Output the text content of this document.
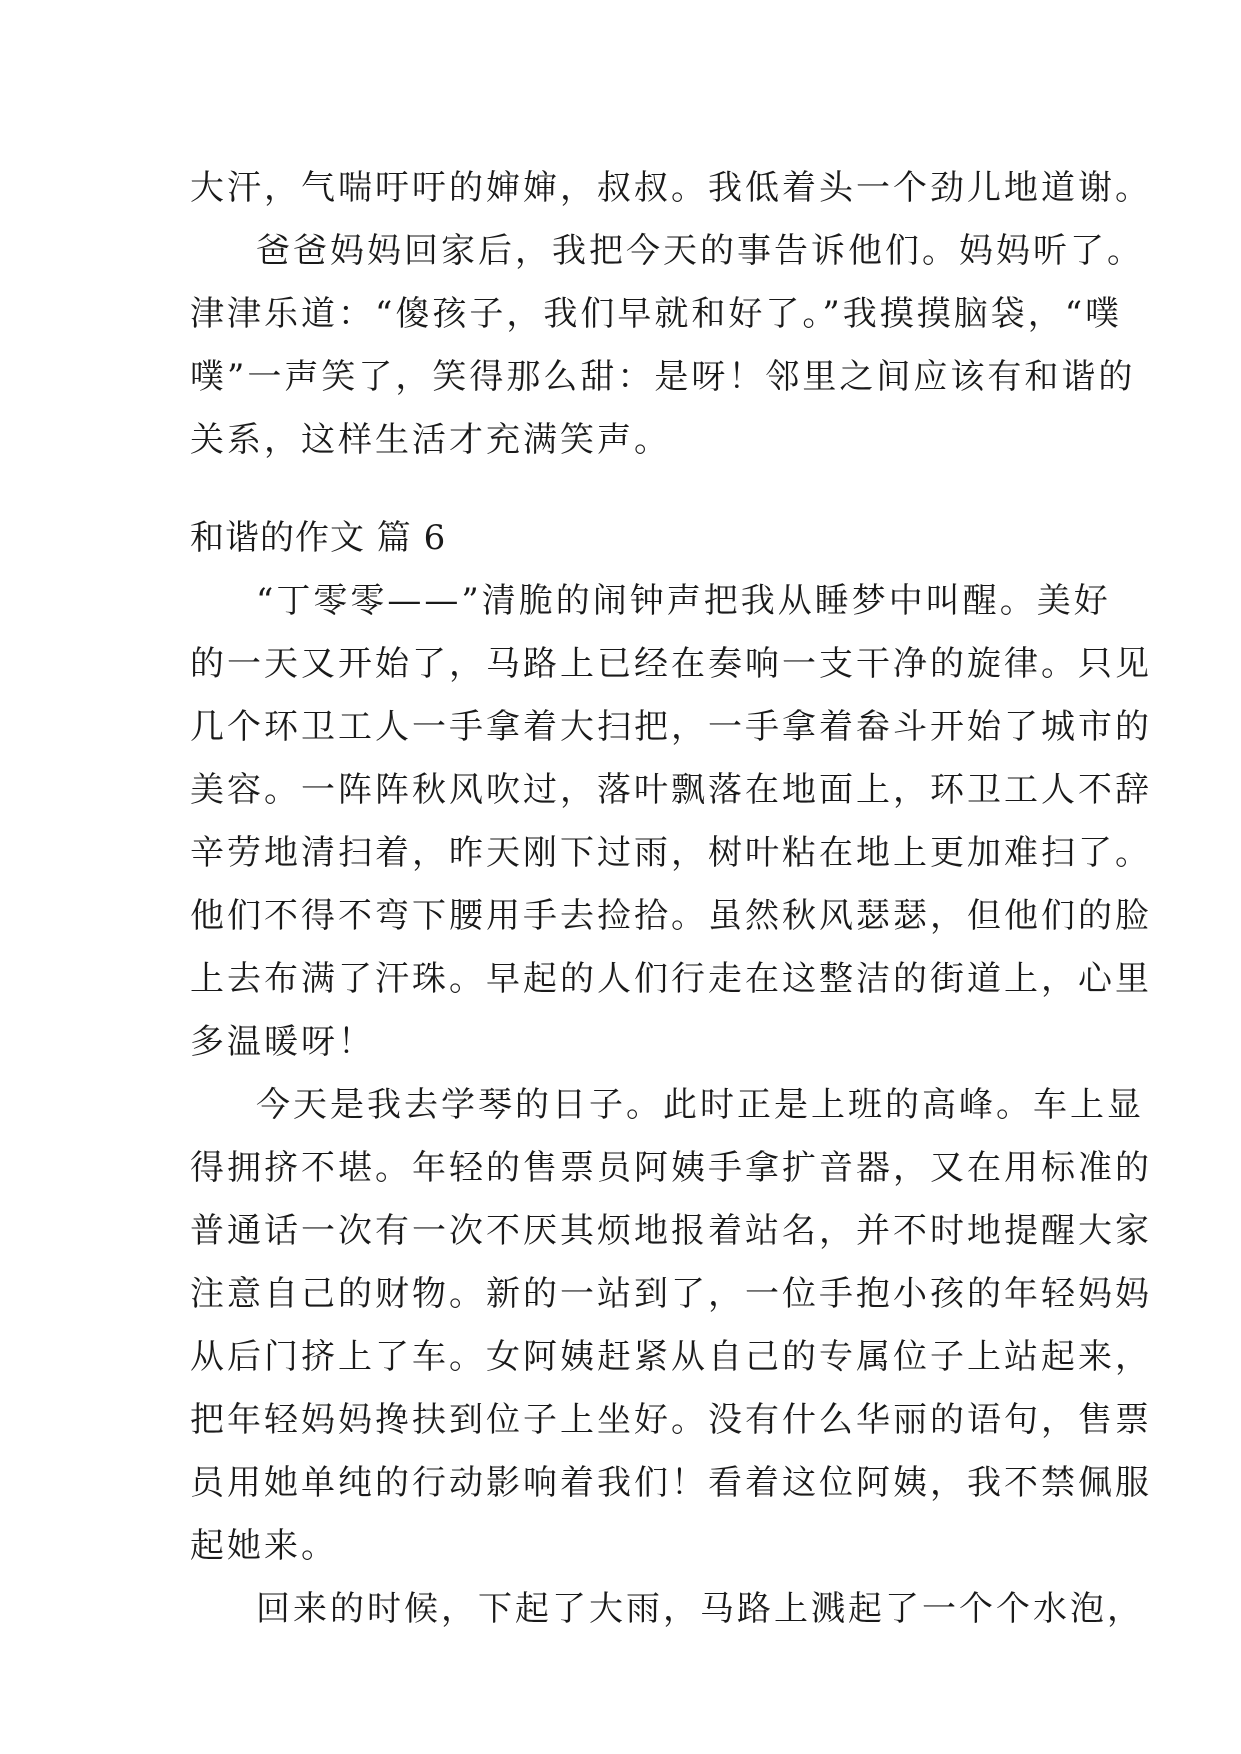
大汗，气喘吁吁的婶婶，叔叔。我低着头一个劲儿地道谢。
爸爸妈妈回家后，我把今天的事告诉他们。妈妈听了。
津津乐道：“傻孩子，我们早就和好了。”我摸摸脑袋，“噗
噗”一声笑了，笑得那么甜：是呀！邻里之间应该有和谐的
关系，这样生活才充满笑声。
和谐的作文 篇 6
“丁零零——”清脆的闹钟声把我从睡梦中叫醒。美好
的一天又开始了，马路上已经在奏响一支干净的旋律。只见
几个环卫工人一手拿着大扫把，一手拿着畚斗开始了城市的
美容。一阵阵秋风吹过，落叶飘落在地面上，环卫工人不辞
辛劳地清扫着，昨天刚下过雨，树叶粘在地上更加难扫了。
他们不得不弯下腰用手去捡拾。虽然秋风瑟瑟，但他们的脸
上去布满了汗珠。早起的人们行走在这整洁的街道上，心里
多温暖呀！
今天是我去学琴的日子。此时正是上班的高峰。车上显
得拥挤不堪。年轻的售票员阿姨手拿扩音器，又在用标准的
普通话一次有一次不厌其烦地报着站名，并不时地提醒大家
注意自己的财物。新的一站到了，一位手抱小孩的年轻妈妈
从后门挤上了车。女阿姨赶紧从自己的专属位子上站起来，
把年轻妈妈搀扶到位子上坐好。没有什么华丽的语句，售票
员用她单纯的行动影响着我们！看着这位阿姨，我不禁佩服
起她来。
回来的时候，下起了大雨，马路上溅起了一个个水泡，
